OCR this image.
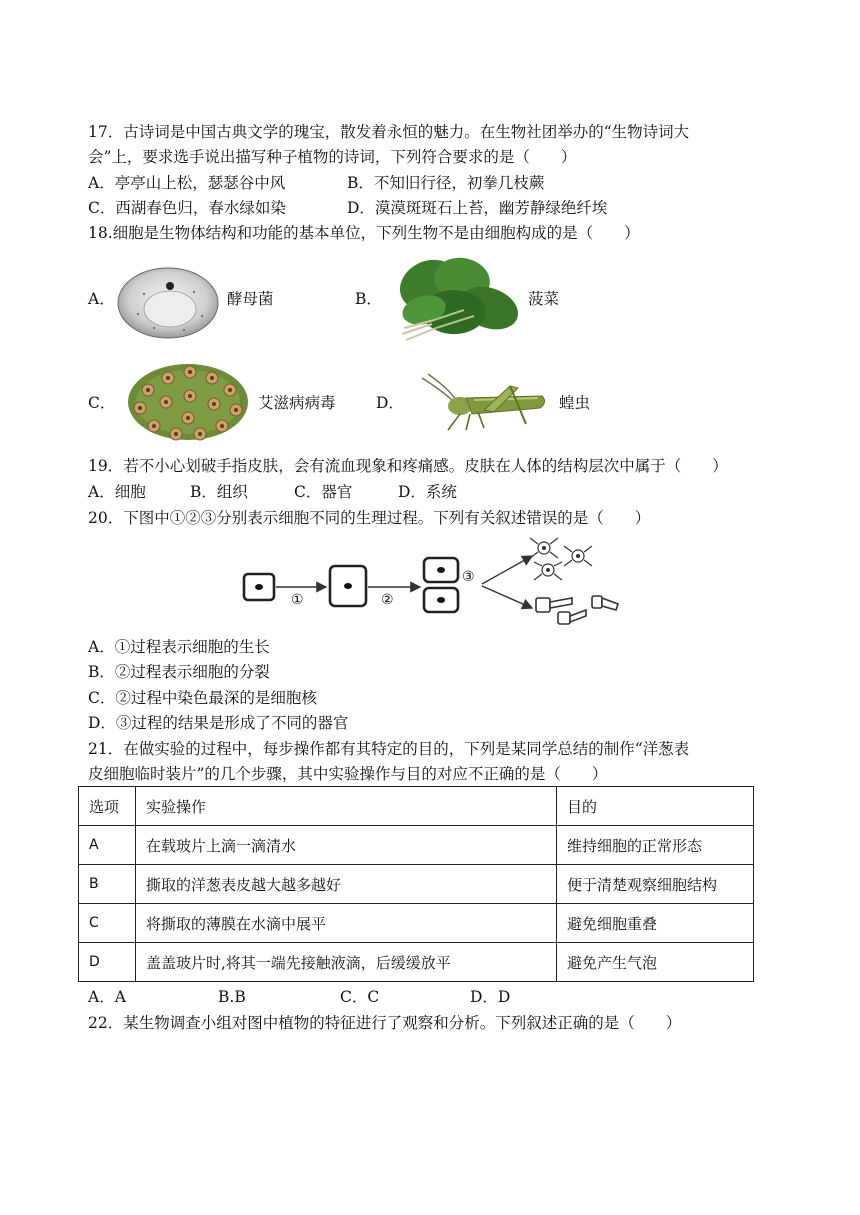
17．古诗词是中国古典文学的瑰宝，散发着永恒的魅力。在生物社团举办的“生物诗词大
会”上，要求选手说出描写种子植物的诗词，下列符合要求的是（　　）
A．亭亭山上松，瑟瑟谷中风	B．不知旧行径，初拳几枝蕨
C．西湖春色归，春水绿如染	D．漠漠斑斑石上苔，幽芳静绿绝纤埃
18.细胞是生物体结构和功能的基本单位，下列生物不是由细胞构成的是（　　）
A．	酵母菌	B．	菠菜
C．	艾滋病病毒	D．	蝗虫
19．若不小心划破手指皮肤，会有流血现象和疼痛感。皮肤在人体的结构层次中属于（　　）
A．细胞	B．组织	C．器官	D．系统
20．下图中①②③分别表示细胞不同的生理过程。下列有关叙述错误的是（　　）
①	②
③
A．①过程表示细胞的生长
B．②过程表示细胞的分裂
C．②过程中染色最深的是细胞核
D．③过程的结果是形成了不同的器官
21．在做实验的过程中，每步操作都有其特定的目的，下列是某同学总结的制作“洋葱表
皮细胞临时装片”的几个步骤，其中实验操作与目的对应不正确的是（　　）
选项	实验操作	目的
A	在载玻片上滴一滴清水	维持细胞的正常形态
B	撕取的洋葱表皮越大越多越好	便于清楚观察细胞结构
C	将撕取的薄膜在水滴中展平	避免细胞重叠
D	盖盖玻片时,将其一端先接触液滴，后缓缓放平	避免产生气泡
A．A	B.B	C．C	D．D
22．某生物调查小组对图中植物的特征进行了观察和分析。下列叙述正确的是（　　）
